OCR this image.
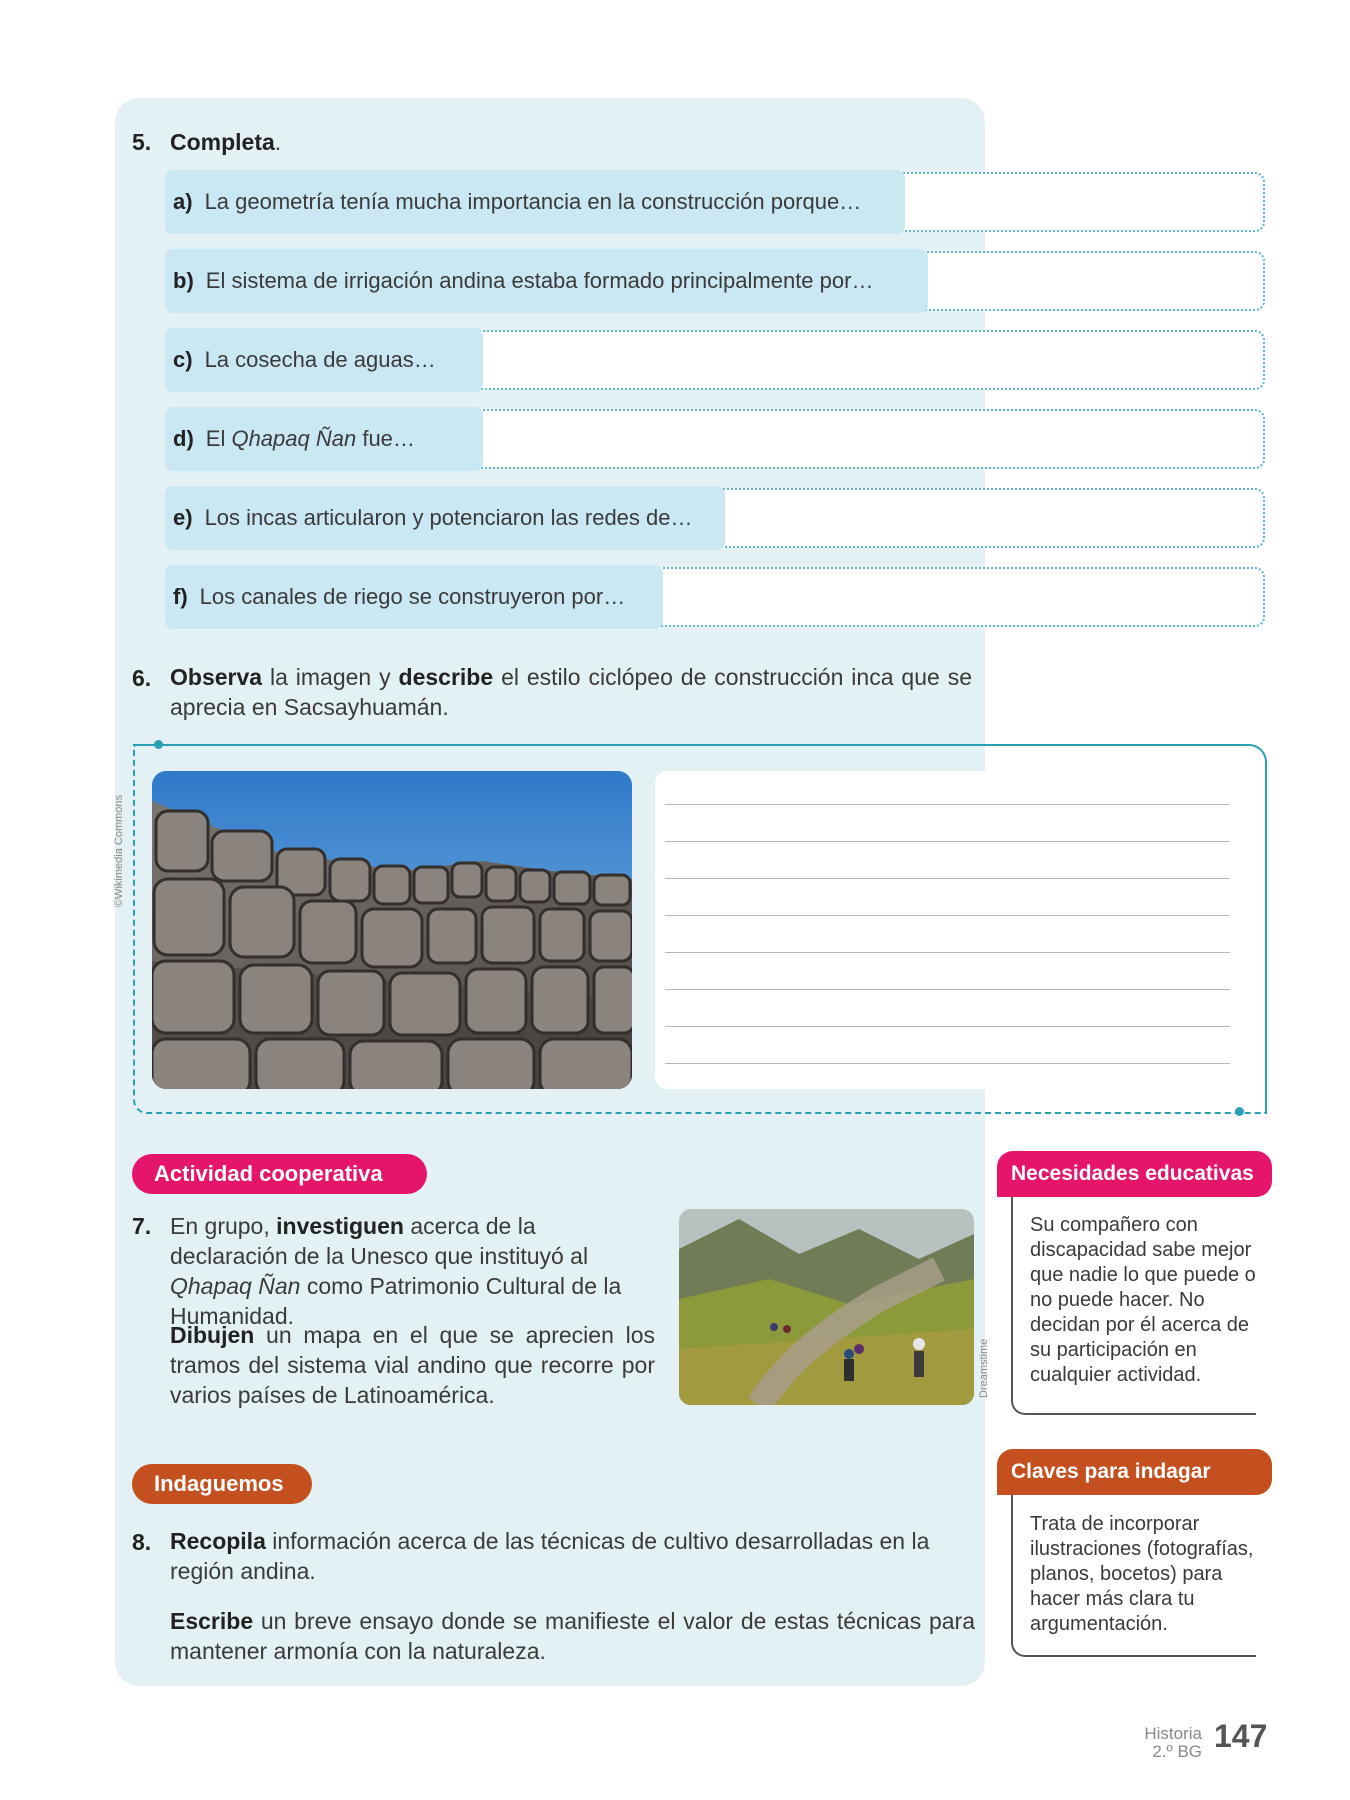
5. Completa.
a) La geometría tenía mucha importancia en la construcción porque…
b) El sistema de irrigación andina estaba formado principalmente por…
c) La cosecha de aguas…
d) El Qhapaq Ñan fue…
e) Los incas articularon y potenciaron las redes de…
f) Los canales de riego se construyeron por…
6. Observa la imagen y describe el estilo ciclópeo de construcción inca que se aprecia en Sacsayhuamán.
©Wikimedia Commons
Actividad cooperativa
7. En grupo, investiguen acerca de la declaración de la Unesco que instituyó al Qhapaq Ñan como Patrimonio Cultural de la Humanidad.
Dibujen un mapa en el que se aprecien los tramos del sistema vial andino que recorre por varios países de Latinoamérica.	Dreamstime
Indaguemos
8. Recopila información acerca de las técnicas de cultivo desarrolladas en la región andina.
Escribe un breve ensayo donde se manifieste el valor de estas técnicas para mantener armonía con la naturaleza.
Necesidades educativas
Su compañero con discapacidad sabe mejor que nadie lo que puede o no puede hacer. No decidan por él acerca de su participación en cualquier actividad.
Claves para indagar
Trata de incorporar ilustraciones (fotografías, planos, bocetos) para hacer más clara tu argumentación.
Historia
2.º BG 147
